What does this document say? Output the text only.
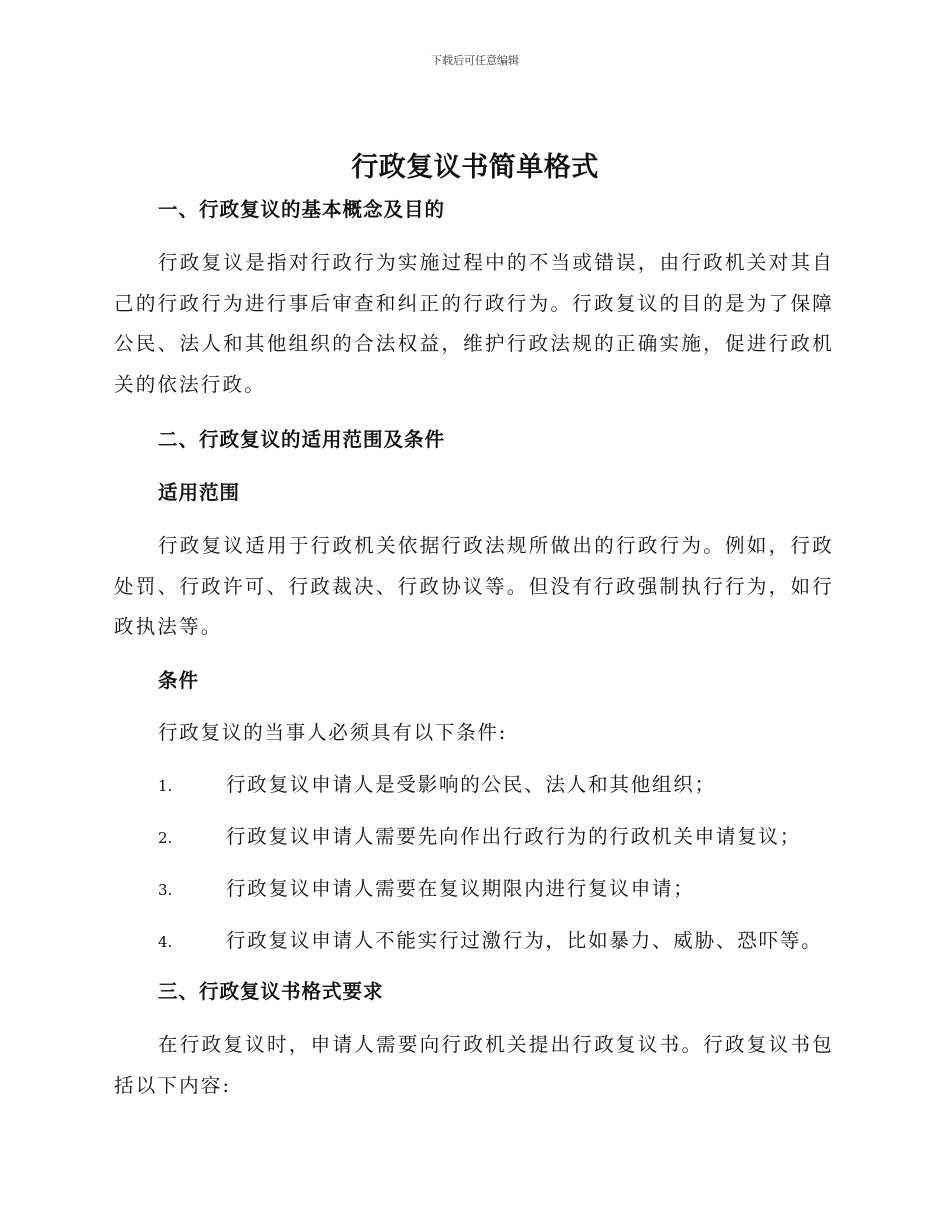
下载后可任意编辑
行政复议书简单格式
一、行政复议的基本概念及目的

行政复议是指对行政行为实施过程中的不当或错误，由行政机关对其自己的行政行为进行事后审查和纠正的行政行为。行政复议的目的是为了保障公民、法人和其他组织的合法权益，维护行政法规的正确实施，促进行政机关的依法行政。

二、行政复议的适用范围及条件
适用范围

行政复议适用于行政机关依据行政法规所做出的行政行为。例如，行政处罚、行政许可、行政裁决、行政协议等。但没有行政强制执行行为，如行政执法等。

条件
行政复议的当事人必须具有以下条件:
1.	行政复议申请人是受影响的公民、法人和其他组织；
2.	行政复议申请人需要先向作出行政行为的行政机关申请复议；
3.	行政复议申请人需要在复议期限内进行复议申请；
4.	行政复议申请人不能实行过激行为，比如暴力、威胁、恐吓等。
三、行政复议书格式要求

在行政复议时，申请人需要向行政机关提出行政复议书。行政复议书包括以下内容:
